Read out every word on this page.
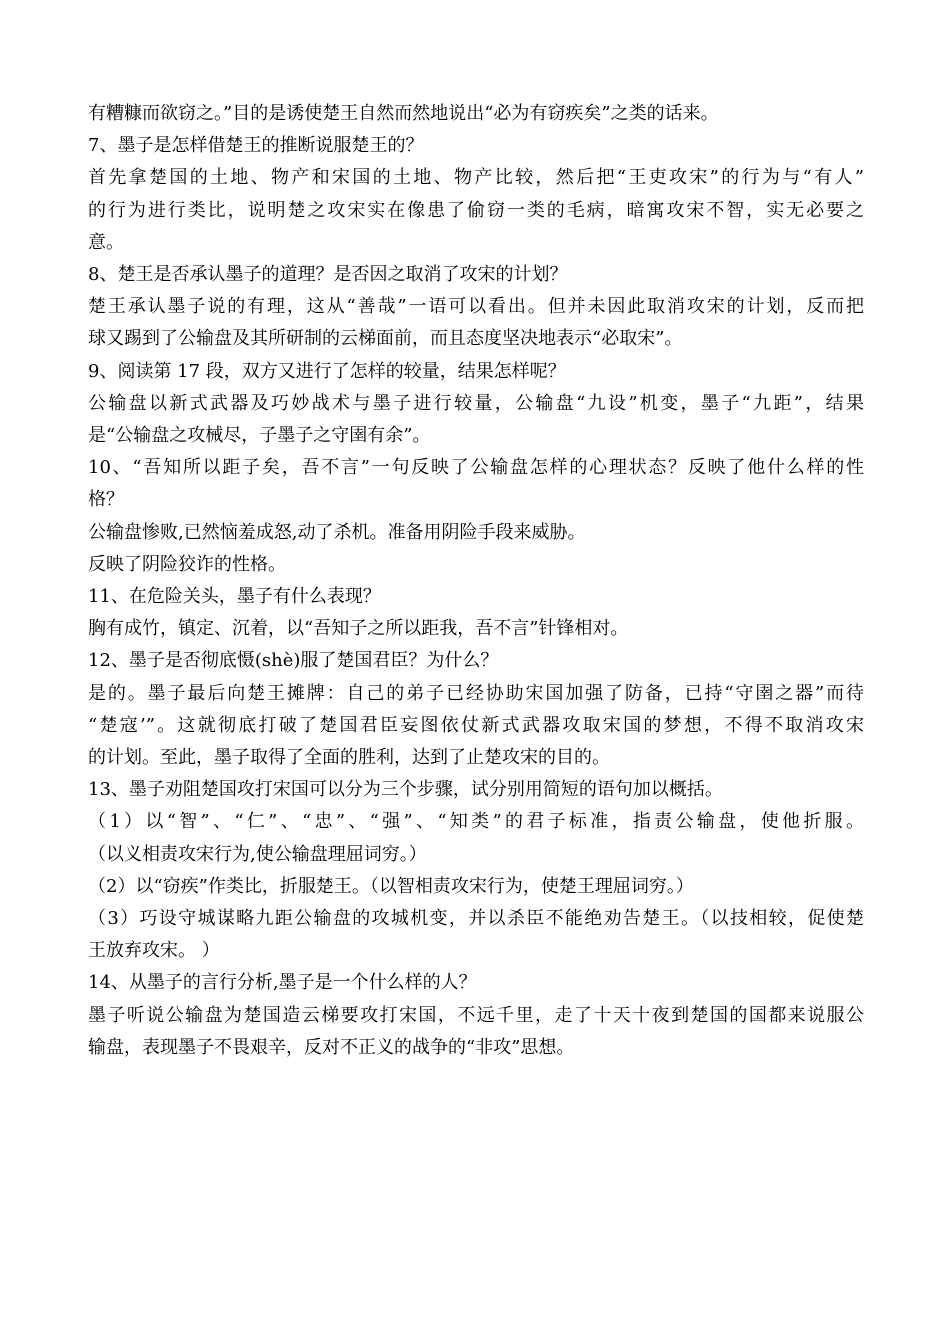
有糟糠而欲窃之。”目的是诱使楚王自然而然地说出“必为有窃疾矣”之类的话来。

7、墨子是怎样借楚王的推断说服楚王的？

首先拿楚国的土地、物产和宋国的土地、物产比较，然后把“王吏攻宋”的行为与“有人”

的行为进行类比，说明楚之攻宋实在像患了偷窃一类的毛病，暗寓攻宋不智，实无必要之

意。

8、楚王是否承认墨子的道理？是否因之取消了攻宋的计划？

楚王承认墨子说的有理，这从“善哉”一语可以看出。但并未因此取消攻宋的计划，反而把

球又踢到了公输盘及其所研制的云梯面前，而且态度坚决地表示“必取宋”。

9、阅读第 17 段，双方又进行了怎样的较量，结果怎样呢？

公输盘以新式武器及巧妙战术与墨子进行较量，公输盘“九设”机变，墨子“九距”，结果

是“公输盘之攻械尽，子墨子之守圉有余”。

10、“吾知所以距子矣，吾不言”一句反映了公输盘怎样的心理状态？反映了他什么样的性

格？

公输盘惨败,已然恼羞成怒,动了杀机。准备用阴险手段来威胁。

反映了阴险狡诈的性格。

11、在危险关头，墨子有什么表现？

胸有成竹，镇定、沉着，以“吾知子之所以距我，吾不言”针锋相对。

12、墨子是否彻底慑(shè)服了楚国君臣？为什么？

是的。墨子最后向楚王摊牌：自己的弟子已经协助宋国加强了防备，已持“守圉之器”而待

“楚寇’”。这就彻底打破了楚国君臣妄图依仗新式武器攻取宋国的梦想，不得不取消攻宋

的计划。至此，墨子取得了全面的胜利，达到了止楚攻宋的目的。

13、墨子劝阻楚国攻打宋国可以分为三个步骤，试分别用简短的语句加以概括。

（1）以“智”、“仁”、“忠”、“强”、“知类”的君子标准，指责公输盘，使他折服。

（以义相责攻宋行为,使公输盘理屈词穷。）

（2）以“窃疾”作类比，折服楚王。（以智相责攻宋行为，使楚王理屈词穷。）

（3）巧设守城谋略九距公输盘的攻城机变，并以杀臣不能绝劝告楚王。（以技相较，促使楚

王放弃攻宋。 ）

14、从墨子的言行分析,墨子是一个什么样的人？

墨子听说公输盘为楚国造云梯要攻打宋国，不远千里，走了十天十夜到楚国的国都来说服公

输盘，表现墨子不畏艰辛，反对不正义的战争的“非攻”思想。
